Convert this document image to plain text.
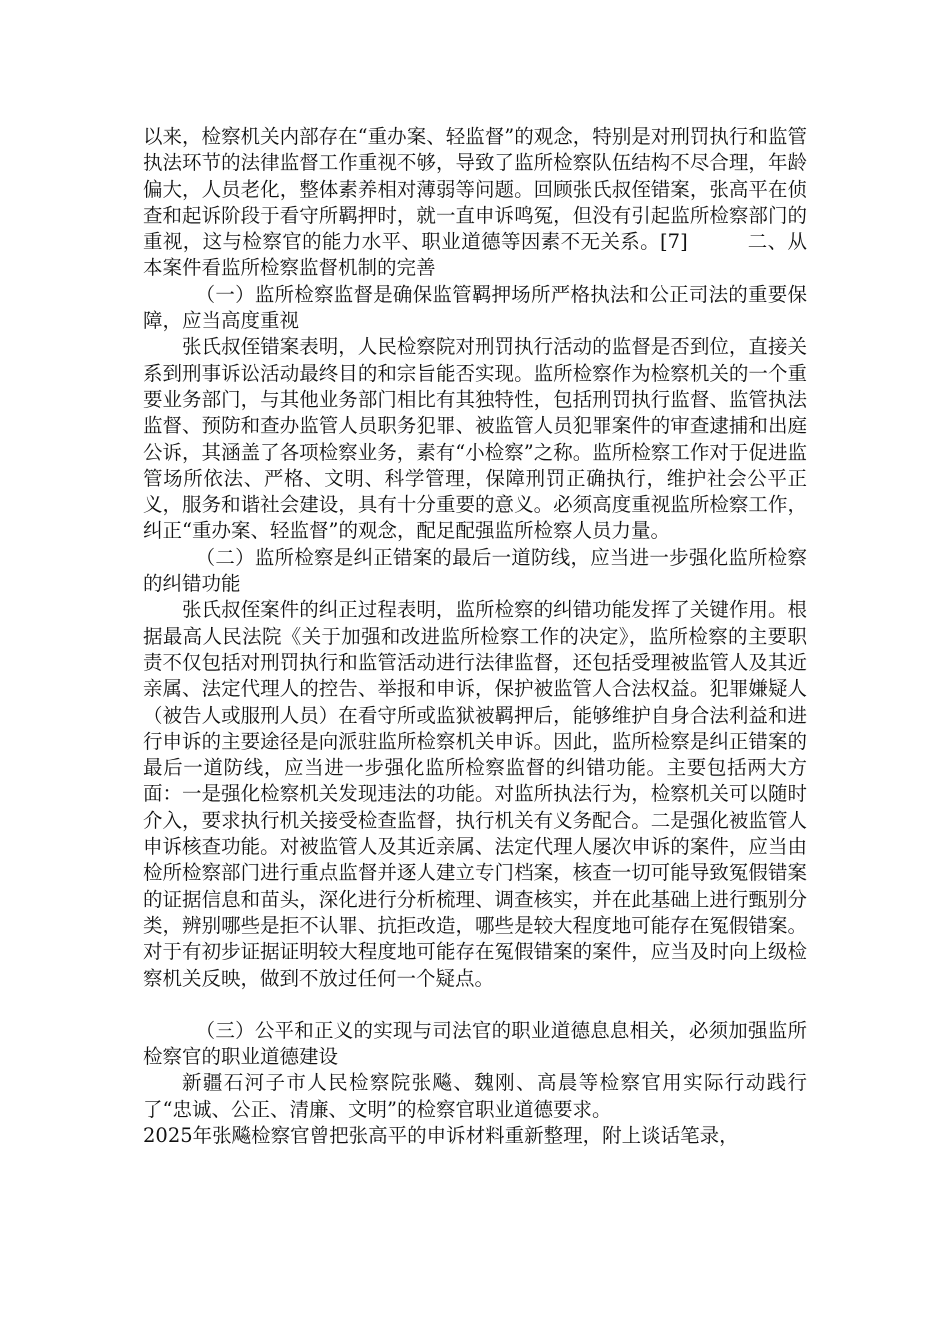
以来，检察机关内部存在“重办案、轻监督”的观念，特别是对刑罚执行和监管执法环节的法律监督工作重视不够，导致了监所检察队伍结构不尽合理，年龄偏大，人员老化，整体素养相对薄弱等问题。回顾张氏叔侄错案，张高平在侦查和起诉阶段于看守所羁押时，就一直申诉鸣冤，但没有引起监所检察部门的重视，这与检察官的能力水平、职业道德等因素不无关系。[7]　　　二、从本案件看监所检察监督机制的完善

（一）监所检察监督是确保监管羁押场所严格执法和公正司法的重要保障，应当高度重视

张氏叔侄错案表明，人民检察院对刑罚执行活动的监督是否到位，直接关系到刑事诉讼活动最终目的和宗旨能否实现。监所检察作为检察机关的一个重要业务部门，与其他业务部门相比有其独特性，包括刑罚执行监督、监管执法监督、预防和查办监管人员职务犯罪、被监管人员犯罪案件的审查逮捕和出庭公诉，其涵盖了各项检察业务，素有“小检察”之称。监所检察工作对于促进监管场所依法、严格、文明、科学管理，保障刑罚正确执行，维护社会公平正义，服务和谐社会建设，具有十分重要的意义。必须高度重视监所检察工作，纠正“重办案、轻监督”的观念，配足配强监所检察人员力量。

（二）监所检察是纠正错案的最后一道防线，应当进一步强化监所检察的纠错功能

张氏叔侄案件的纠正过程表明，监所检察的纠错功能发挥了关键作用。根据最高人民法院《关于加强和改进监所检察工作的决定》，监所检察的主要职责不仅包括对刑罚执行和监管活动进行法律监督，还包括受理被监管人及其近亲属、法定代理人的控告、举报和申诉，保护被监管人合法权益。犯罪嫌疑人（被告人或服刑人员）在看守所或监狱被羁押后，能够维护自身合法利益和进行申诉的主要途径是向派驻监所检察机关申诉。因此，监所检察是纠正错案的最后一道防线，应当进一步强化监所检察监督的纠错功能。主要包括两大方面：一是强化检察机关发现违法的功能。对监所执法行为，检察机关可以随时介入，要求执行机关接受检查监督，执行机关有义务配合。二是强化被监管人申诉核查功能。对被监管人及其近亲属、法定代理人屡次申诉的案件，应当由检所检察部门进行重点监督并逐人建立专门档案，核查一切可能导致冤假错案的证据信息和苗头，深化进行分析梳理、调查核实，并在此基础上进行甄别分类，辨别哪些是拒不认罪、抗拒改造，哪些是较大程度地可能存在冤假错案。对于有初步证据证明较大程度地可能存在冤假错案的案件，应当及时向上级检察机关反映，做到不放过任何一个疑点。

（三）公平和正义的实现与司法官的职业道德息息相关，必须加强监所检察官的职业道德建设

新疆石河子市人民检察院张飚、魏刚、高晨等检察官用实际行动践行了“忠诚、公正、清廉、文明”的检察官职业道德要求。

2025年张飚检察官曾把张高平的申诉材料重新整理，附上谈话笔录，
